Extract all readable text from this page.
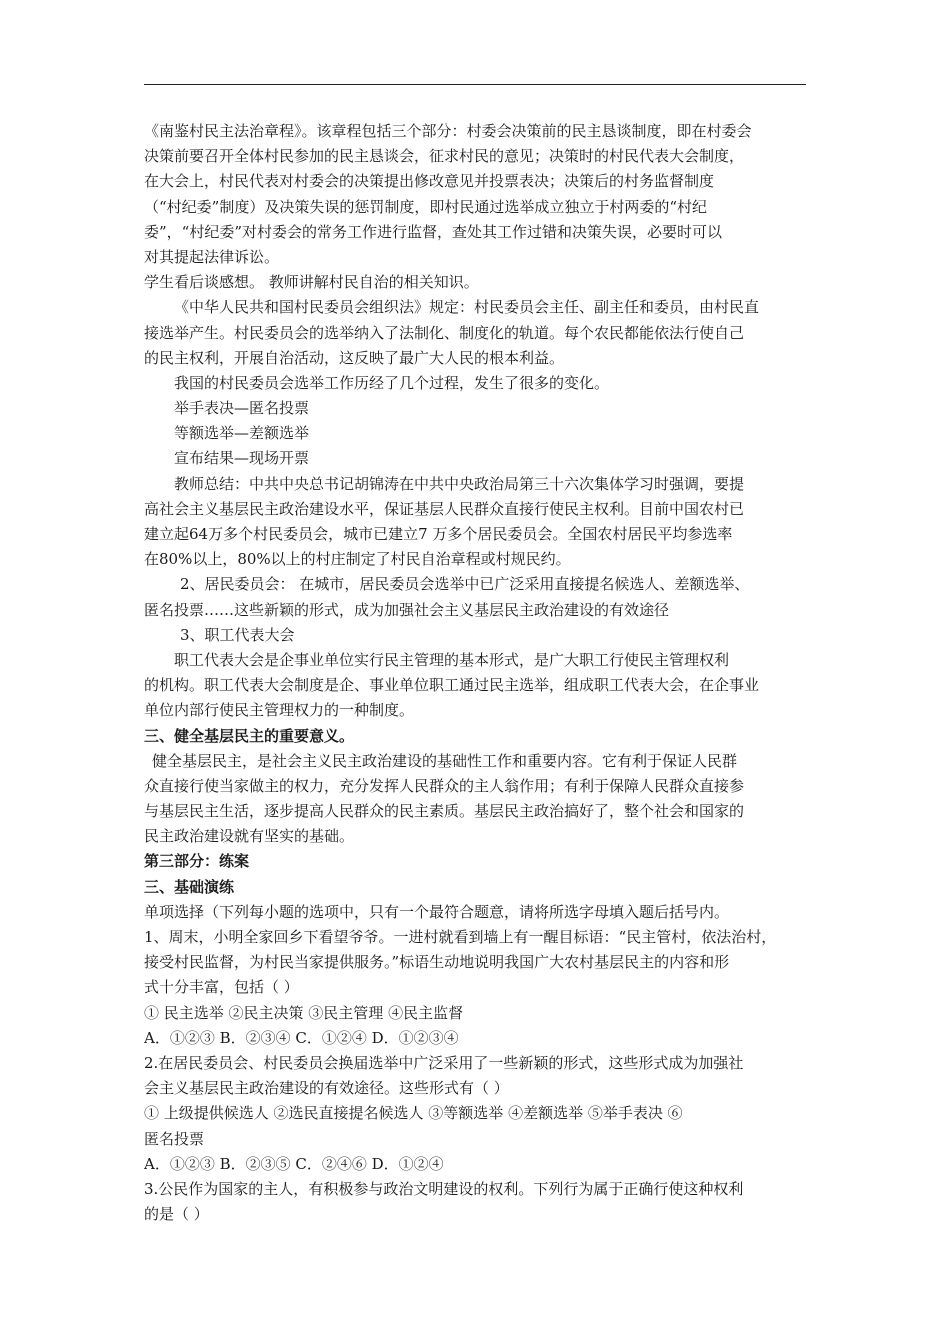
《南鉴村民主法治章程》。该章程包括三个部分：村委会决策前的民主恳谈制度，即在村委会
决策前要召开全体村民参加的民主恳谈会，征求村民的意见；决策时的村民代表大会制度，
在大会上，村民代表对村委会的决策提出修改意见并投票表决；决策后的村务监督制度
（“村纪委”制度）及决策失误的惩罚制度，即村民通过选举成立独立于村两委的“村纪
委”，“村纪委”对村委会的常务工作进行监督，查处其工作过错和决策失误，必要时可以
对其提起法律诉讼。
学生看后谈感想。 教师讲解村民自治的相关知识。
《中华人民共和国村民委员会组织法》规定：村民委员会主任、副主任和委员，由村民直
接选举产生。村民委员会的选举纳入了法制化、制度化的轨道。每个农民都能依法行使自己
的民主权利，开展自治活动，这反映了最广大人民的根本利益。
我国的村民委员会选举工作历经了几个过程，发生了很多的变化。
举手表决—匿名投票
等额选举—差额选举
宣布结果—现场开票
教师总结：中共中央总书记胡锦涛在中共中央政治局第三十六次集体学习时强调，要提
高社会主义基层民主政治建设水平，保证基层人民群众直接行使民主权利。目前中国农村已
建立起64万多个村民委员会，城市已建立7 万多个居民委员会。全国农村居民平均参选率
在80%以上，80%以上的村庄制定了村民自治章程或村规民约。
2、居民委员会： 在城市，居民委员会选举中已广泛采用直接提名候选人、差额选举、
匿名投票……这些新颖的形式，成为加强社会主义基层民主政治建设的有效途径
3、职工代表大会
职工代表大会是企事业单位实行民主管理的基本形式，是广大职工行使民主管理权利
的机构。职工代表大会制度是企、事业单位职工通过民主选举，组成职工代表大会，在企事业
单位内部行使民主管理权力的一种制度。
三、健全基层民主的重要意义。
健全基层民主，是社会主义民主政治建设的基础性工作和重要内容。它有利于保证人民群
众直接行使当家做主的权力，充分发挥人民群众的主人翁作用；有利于保障人民群众直接参
与基层民主生活，逐步提高人民群众的民主素质。基层民主政治搞好了，整个社会和国家的
民主政治建设就有坚实的基础。
第三部分：练案
三、基础演练
单项选择（下列每小题的选项中，只有一个最符合题意，请将所选字母填入题后括号内。
1、周末，小明全家回乡下看望爷爷。一进村就看到墙上有一醒目标语：“民主管村，依法治村，
接受村民监督，为村民当家提供服务。”标语生动地说明我国广大农村基层民主的内容和形
式十分丰富，包括（ ）
① 民主选举 ②民主决策 ③民主管理 ④民主监督
A．①②③ B．②③④ C．①②④ D．①②③④
2.在居民委员会、村民委员会换届选举中广泛采用了一些新颖的形式，这些形式成为加强社
会主义基层民主政治建设的有效途径。这些形式有（ ）
① 上级提供候选人 ②选民直接提名候选人 ③等额选举 ④差额选举 ⑤举手表决 ⑥
匿名投票
A．①②③ B．②③⑤ C．②④⑥ D．①②④
3.公民作为国家的主人，有积极参与政治文明建设的权利。下列行为属于正确行使这种权利
的是（ ）
